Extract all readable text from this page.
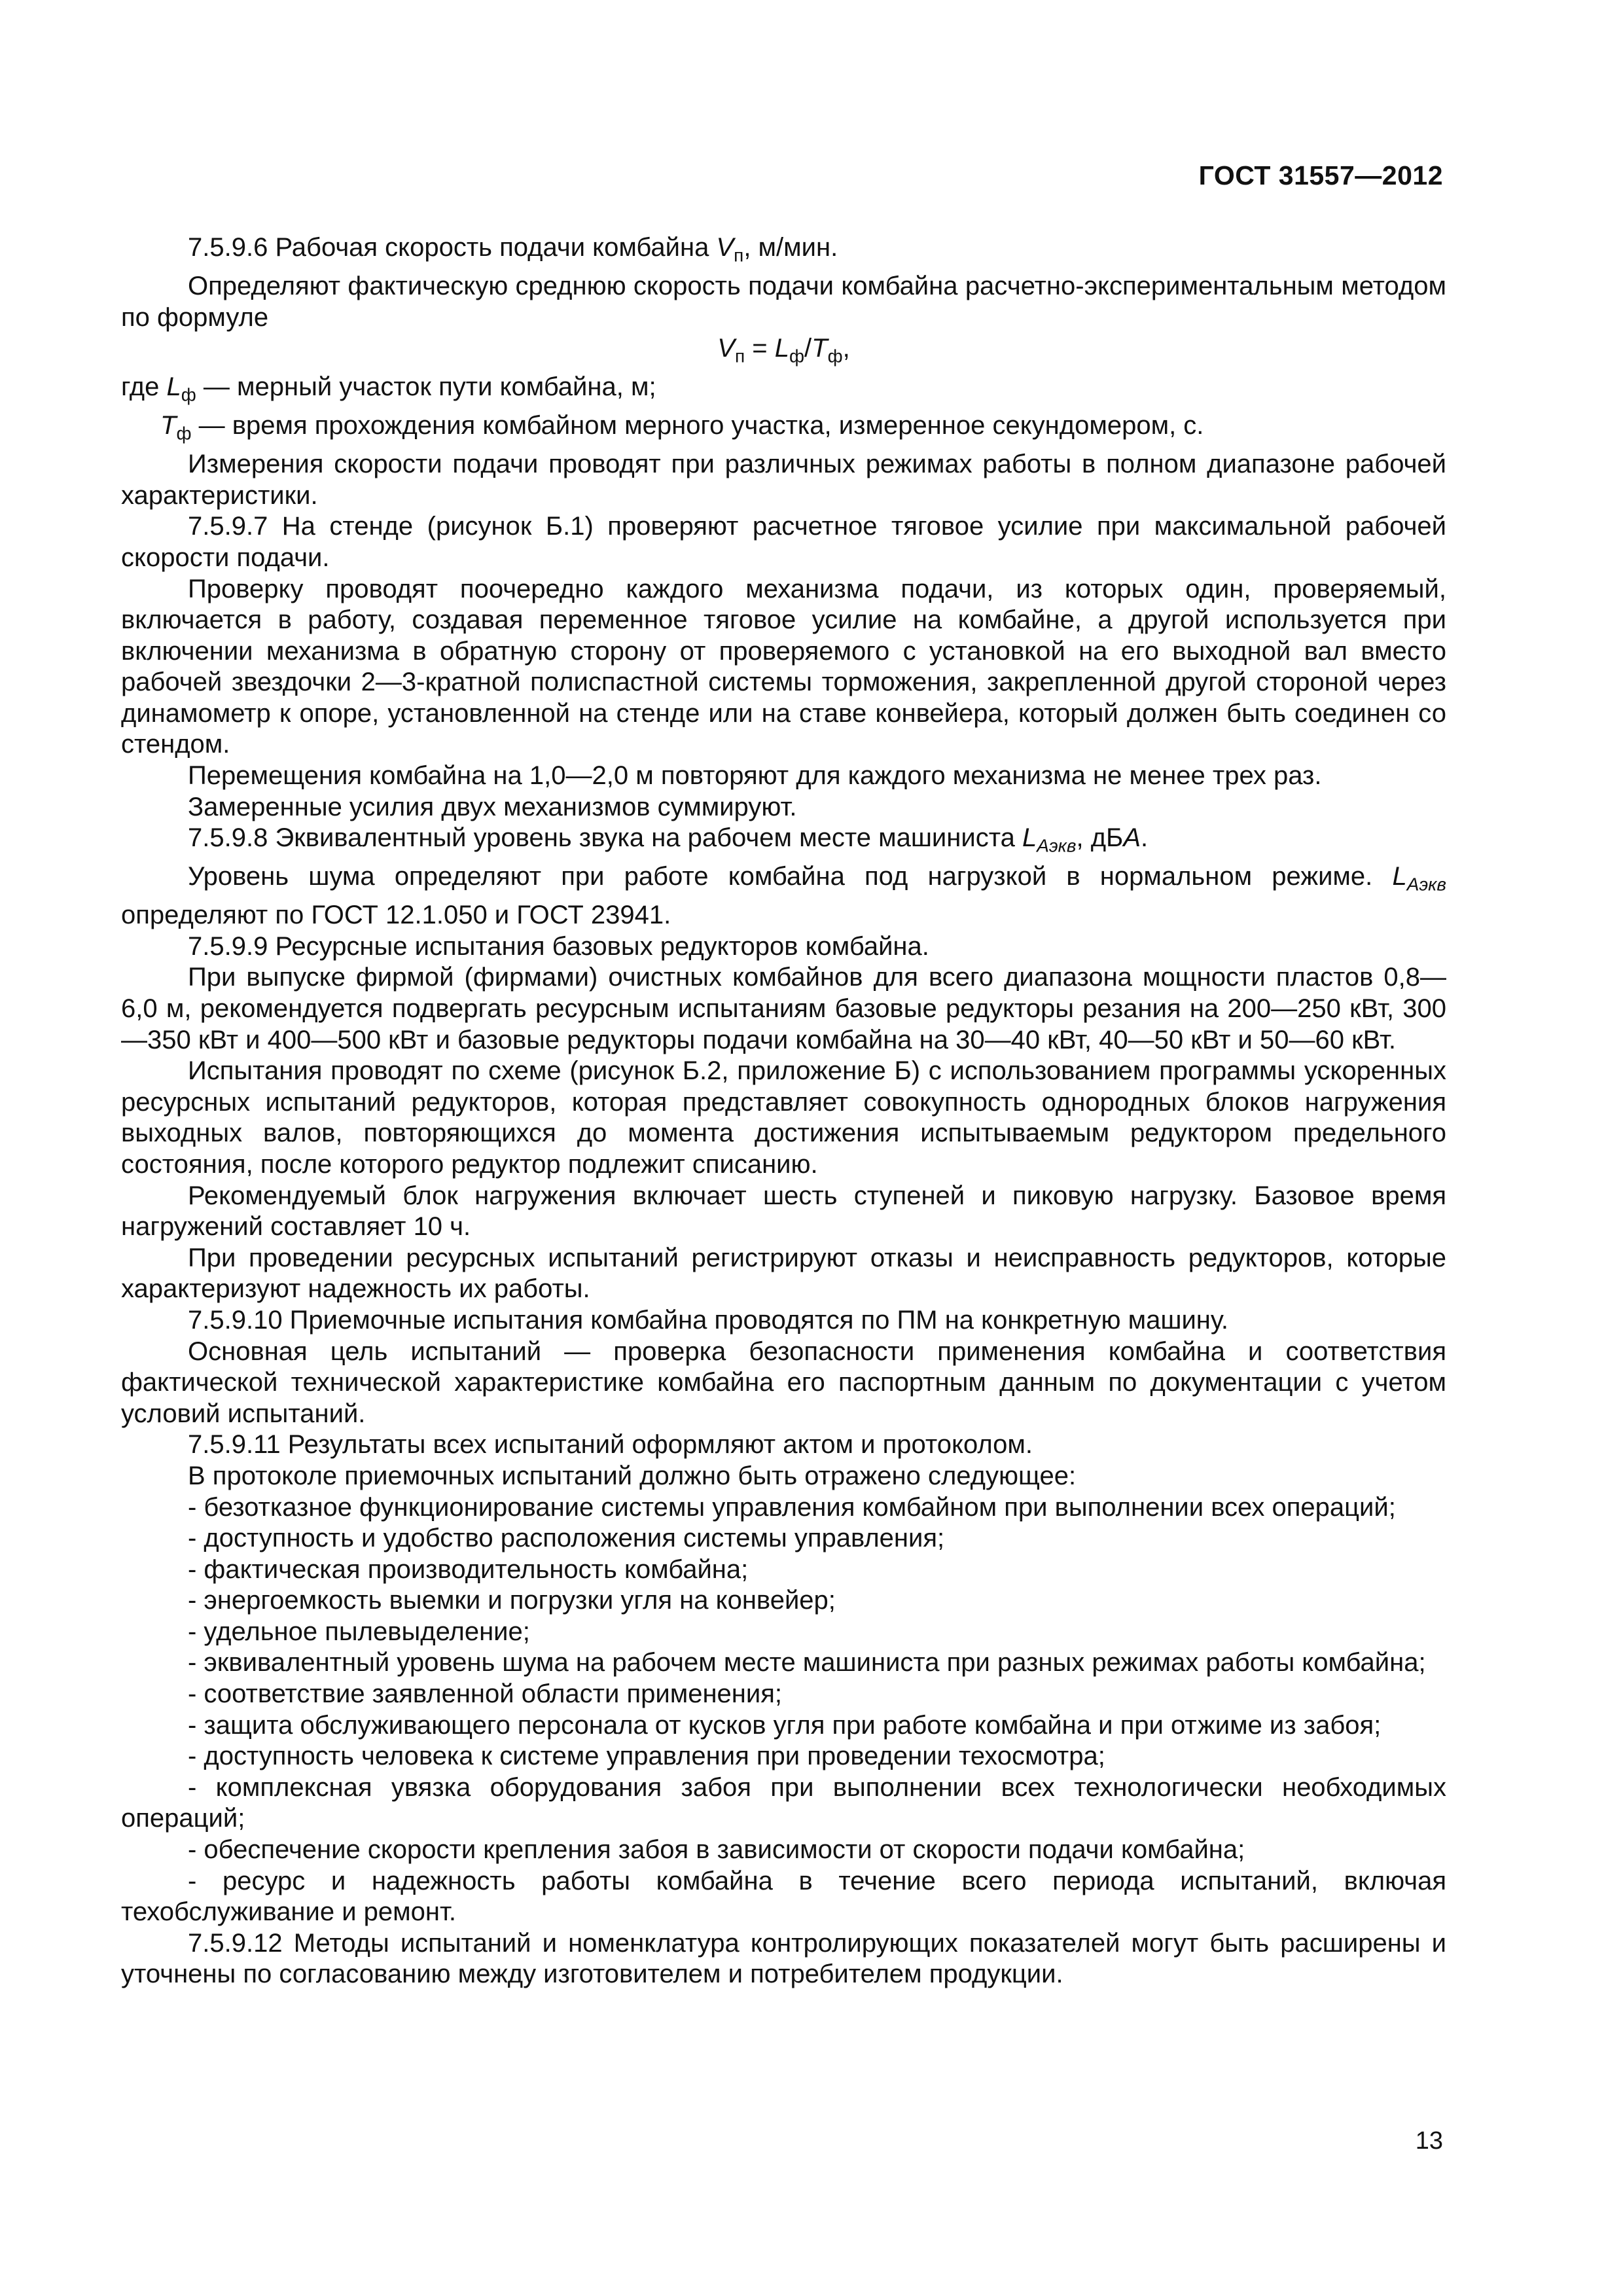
ГОСТ 31557—2012

7.5.9.6 Рабочая скорость подачи комбайна $V_п$, м/мин.

Определяют фактическую среднюю скорость подачи комбайна расчетно-экспериментальным методом по формуле

$V_п = L_ф/T_ф$,

где $L_ф$ — мерный участок пути комбайна, м;

$T_ф$ — время прохождения комбайном мерного участка, измеренное секундомером, с.

Измерения скорости подачи проводят при различных режимах работы в полном диапазоне рабочей характеристики.

7.5.9.7 На стенде (рисунок Б.1) проверяют расчетное тяговое усилие при максимальной рабочей скорости подачи.

Проверку проводят поочередно каждого механизма подачи, из которых один, проверяемый, включается в работу, создавая переменное тяговое усилие на комбайне, а другой используется при включении механизма в обратную сторону от проверяемого с установкой на его выходной вал вместо рабочей звездочки 2—3-кратной полиспастной системы торможения, закрепленной другой стороной через динамометр к опоре, установленной на стенде или на ставе конвейера, который должен быть соединен со стендом.

Перемещения комбайна на 1,0—2,0 м повторяют для каждого механизма не менее трех раз.

Замеренные усилия двух механизмов суммируют.

7.5.9.8 Эквивалентный уровень звука на рабочем месте машиниста $L_{Aэкв}$, дБA.

Уровень шума определяют при работе комбайна под нагрузкой в нормальном режиме. $L_{Aэкв}$ определяют по ГОСТ 12.1.050 и ГОСТ 23941.

7.5.9.9 Ресурсные испытания базовых редукторов комбайна.

При выпуске фирмой (фирмами) очистных комбайнов для всего диапазона мощности пластов 0,8—6,0 м, рекомендуется подвергать ресурсным испытаниям базовые редукторы резания на 200—250 кВт, 300—350 кВт и 400—500 кВт и базовые редукторы подачи комбайна на 30—40 кВт, 40—50 кВт и 50—60 кВт.

Испытания проводят по схеме (рисунок Б.2, приложение Б) с использованием программы ускоренных ресурсных испытаний редукторов, которая представляет совокупность однородных блоков нагружения выходных валов, повторяющихся до момента достижения испытываемым редуктором предельного состояния, после которого редуктор подлежит списанию.

Рекомендуемый блок нагружения включает шесть ступеней и пиковую нагрузку. Базовое время нагружений составляет 10 ч.

При проведении ресурсных испытаний регистрируют отказы и неисправность редукторов, которые характеризуют надежность их работы.

7.5.9.10 Приемочные испытания комбайна проводятся по ПМ на конкретную машину.

Основная цель испытаний — проверка безопасности применения комбайна и соответствия фактической технической характеристике комбайна его паспортным данным по документации с учетом условий испытаний.

7.5.9.11 Результаты всех испытаний оформляют актом и протоколом.

В протоколе приемочных испытаний должно быть отражено следующее:

- безотказное функционирование системы управления комбайном при выполнении всех операций;

- доступность и удобство расположения системы управления;

- фактическая производительность комбайна;

- энергоемкость выемки и погрузки угля на конвейер;

- удельное пылевыделение;

- эквивалентный уровень шума на рабочем месте машиниста при разных режимах работы комбайна;

- соответствие заявленной области применения;

- защита обслуживающего персонала от кусков угля при работе комбайна и при отжиме из забоя;

- доступность человека к системе управления при проведении техосмотра;

- комплексная увязка оборудования забоя при выполнении всех технологически необходимых операций;

- обеспечение скорости крепления забоя в зависимости от скорости подачи комбайна;

- ресурс и надежность работы комбайна в течение всего периода испытаний, включая техобслуживание и ремонт.

7.5.9.12 Методы испытаний и номенклатура контролирующих показателей могут быть расширены и уточнены по согласованию между изготовителем и потребителем продукции.

13
